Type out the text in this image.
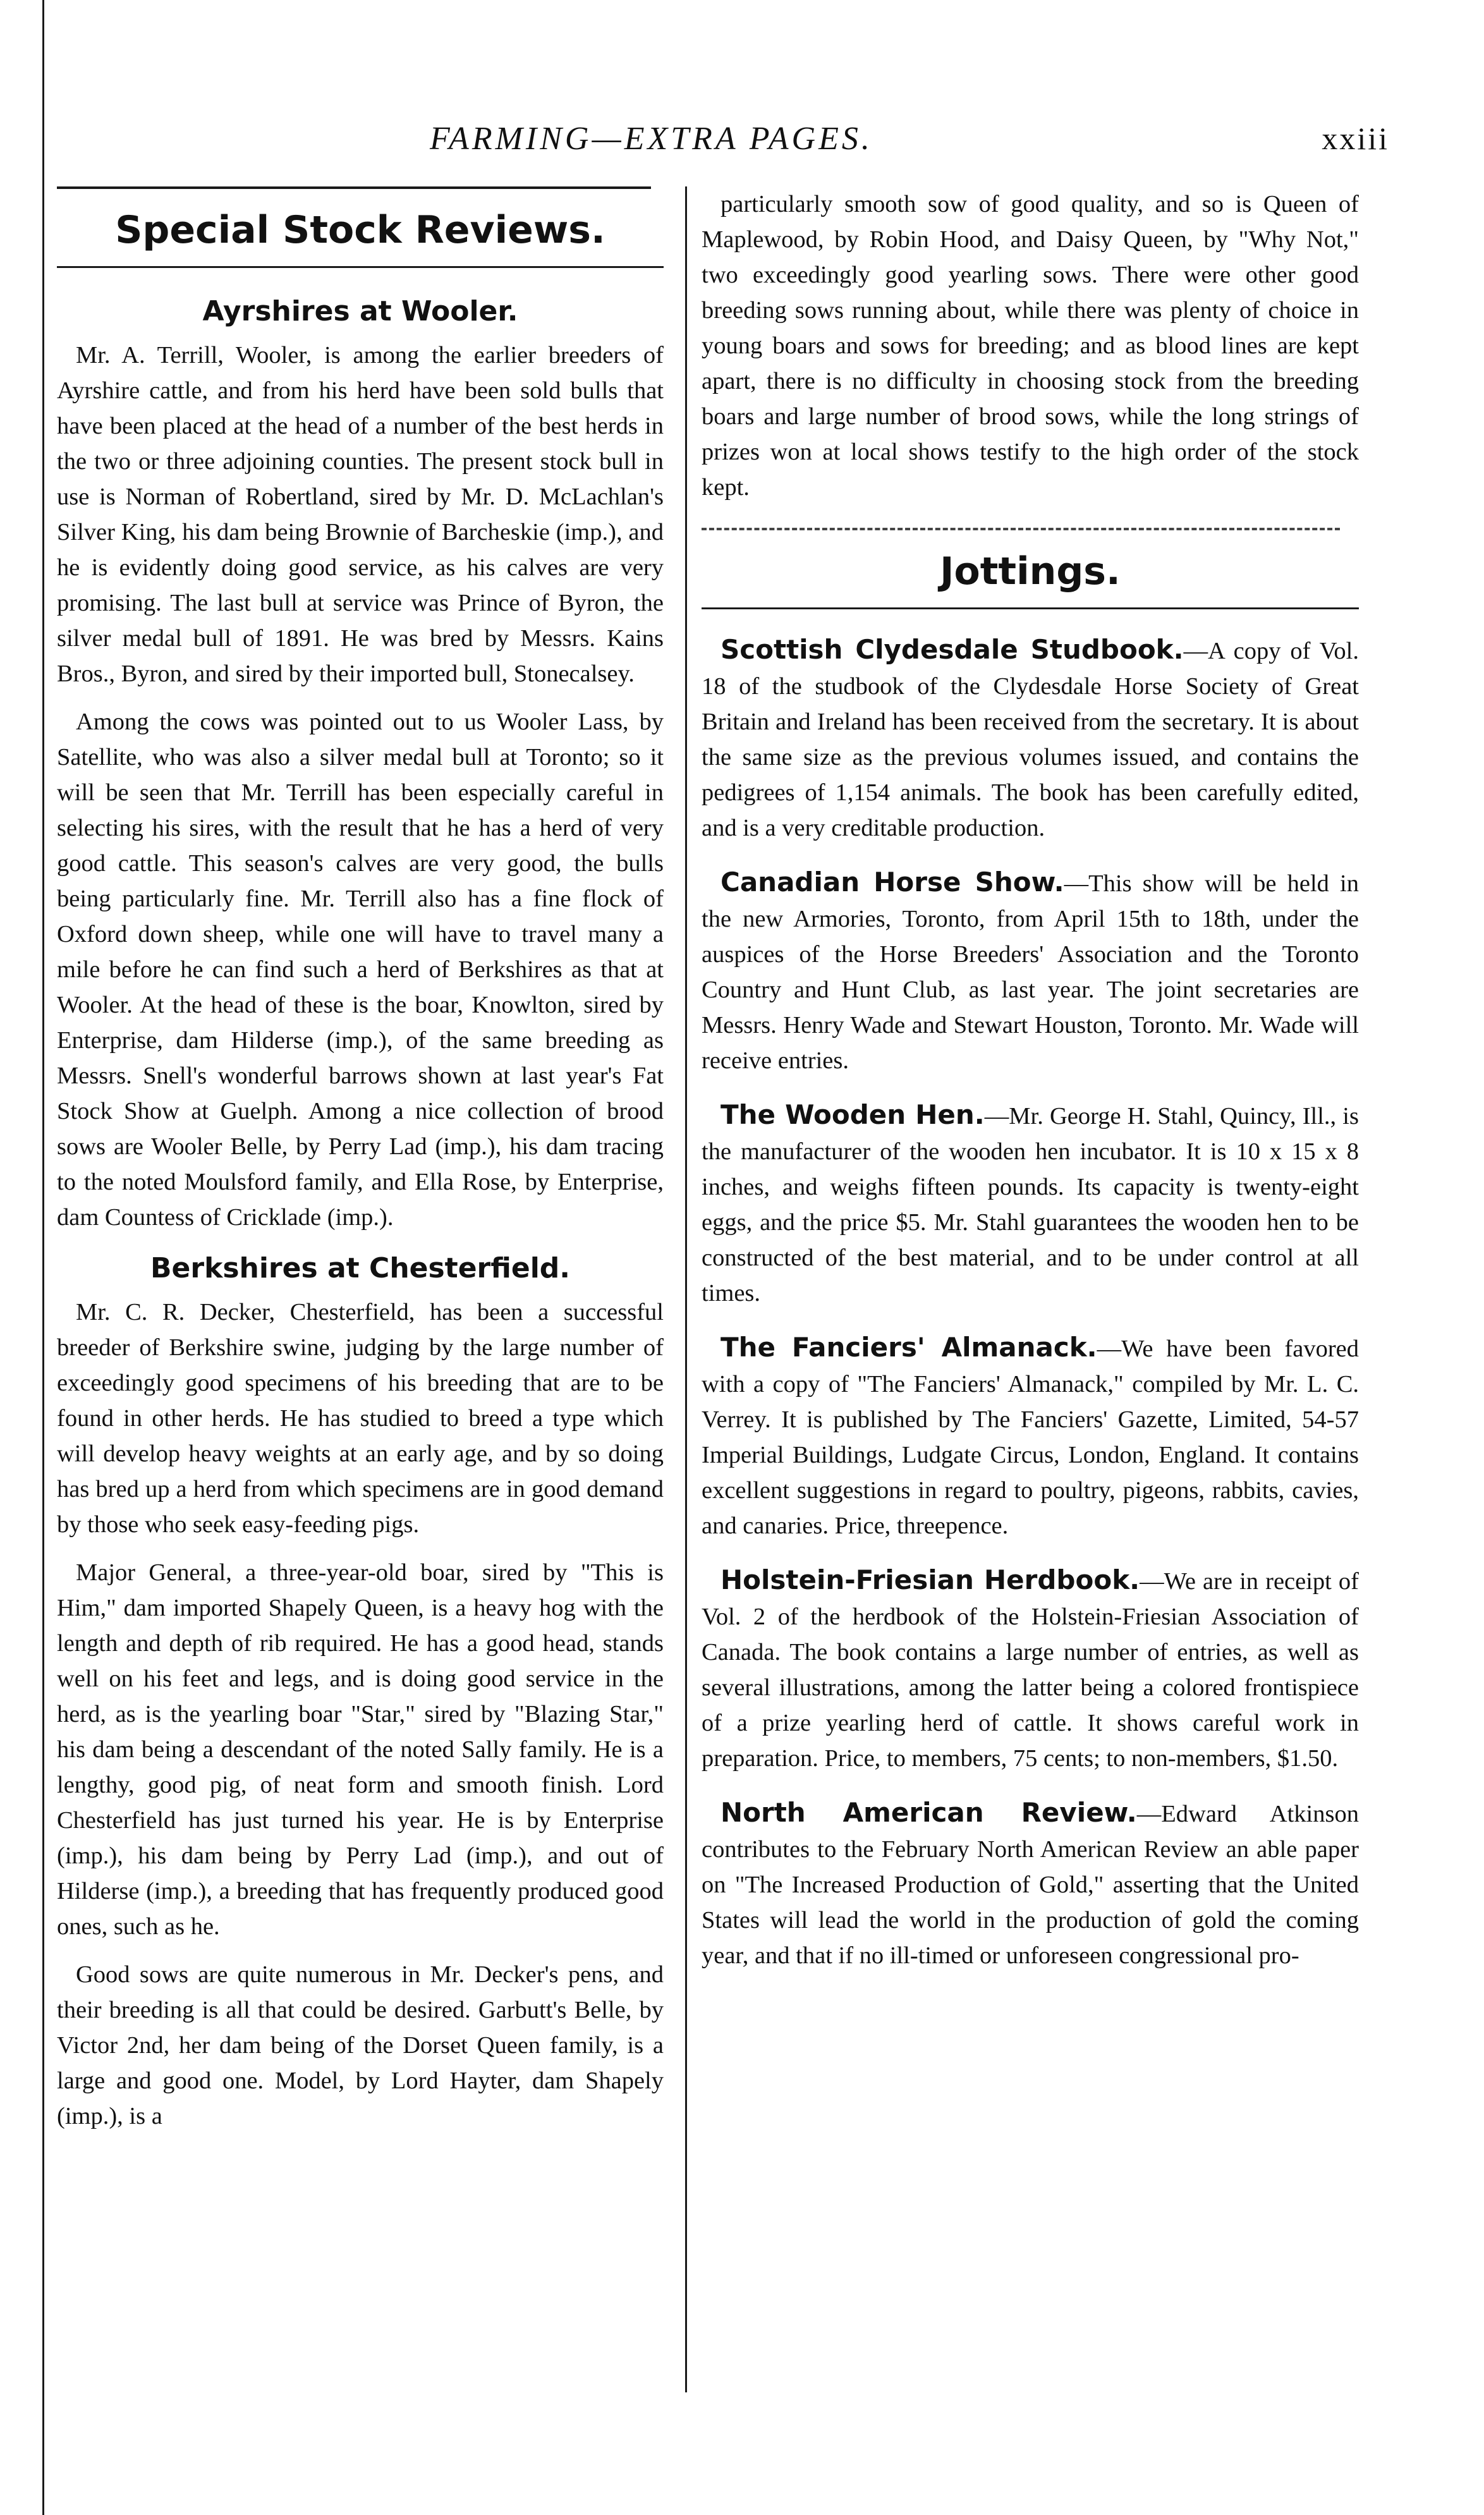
FARMING—EXTRA PAGES.	xxiii
Special Stock Reviews.
Ayrshires at Wooler.

Mr. A. Terrill, Wooler, is among the earlier breeders of Ayrshire cattle, and from his herd have been sold bulls that have been placed at the head of a number of the best herds in the two or three adjoining counties. The present stock bull in use is Norman of Robertland, sired by Mr. D. McLachlan's Silver King, his dam being Brownie of Barcheskie (imp.), and he is evidently doing good service, as his calves are very promising. The last bull at service was Prince of Byron, the silver medal bull of 1891. He was bred by Messrs. Kains Bros., Byron, and sired by their imported bull, Stonecalsey.

Among the cows was pointed out to us Wooler Lass, by Satellite, who was also a silver medal bull at Toronto; so it will be seen that Mr. Terrill has been especially careful in selecting his sires, with the result that he has a herd of very good cattle. This season's calves are very good, the bulls being particularly fine. Mr. Terrill also has a fine flock of Oxford down sheep, while one will have to travel many a mile before he can find such a herd of Berkshires as that at Wooler. At the head of these is the boar, Knowlton, sired by Enterprise, dam Hilderse (imp.), of the same breeding as Messrs. Snell's wonderful barrows shown at last year's Fat Stock Show at Guelph. Among a nice collection of brood sows are Wooler Belle, by Perry Lad (imp.), his dam tracing to the noted Moulsford family, and Ella Rose, by Enterprise, dam Countess of Cricklade (imp.).

Berkshires at Chesterfield.

Mr. C. R. Decker, Chesterfield, has been a successful breeder of Berkshire swine, judging by the large number of exceedingly good specimens of his breeding that are to be found in other herds. He has studied to breed a type which will develop heavy weights at an early age, and by so doing has bred up a herd from which specimens are in good demand by those who seek easy-feeding pigs.

Major General, a three-year-old boar, sired by "This is Him," dam imported Shapely Queen, is a heavy hog with the length and depth of rib required. He has a good head, stands well on his feet and legs, and is doing good service in the herd, as is the yearling boar "Star," sired by "Blazing Star," his dam being a descendant of the noted Sally family. He is a lengthy, good pig, of neat form and smooth finish. Lord Chesterfield has just turned his year. He is by Enterprise (imp.), his dam being by Perry Lad (imp.), and out of Hilderse (imp.), a breeding that has frequently produced good ones, such as he.

Good sows are quite numerous in Mr. Decker's pens, and their breeding is all that could be desired. Garbutt's Belle, by Victor 2nd, her dam being of the Dorset Queen family, is a large and good one. Model, by Lord Hayter, dam Shapely (imp.), is a

particularly smooth sow of good quality, and so is Queen of Maplewood, by Robin Hood, and Daisy Queen, by "Why Not," two exceedingly good yearling sows. There were other good breeding sows running about, while there was plenty of choice in young boars and sows for breeding; and as blood lines are kept apart, there is no difficulty in choosing stock from the breeding boars and large number of brood sows, while the long strings of prizes won at local shows testify to the high order of the stock kept.

Jottings.
Scottish Clydesdale Studbook.—A copy of Vol. 18 of the studbook of the Clydesdale Horse Society of Great Britain and Ireland has been received from the secretary. It is about the same size as the previous volumes issued, and contains the pedigrees of 1,154 animals. The book has been carefully edited, and is a very creditable production.
Canadian Horse Show.—This show will be held in the new Armories, Toronto, from April 15th to 18th, under the auspices of the Horse Breeders' Association and the Toronto Country and Hunt Club, as last year. The joint secretaries are Messrs. Henry Wade and Stewart Houston, Toronto. Mr. Wade will receive entries.
The Wooden Hen.—Mr. George H. Stahl, Quincy, Ill., is the manufacturer of the wooden hen incubator. It is 10 x 15 x 8 inches, and weighs fifteen pounds. Its capacity is twenty-eight eggs, and the price $5. Mr. Stahl guarantees the wooden hen to be constructed of the best material, and to be under control at all times.
The Fanciers' Almanack.—We have been favored with a copy of "The Fanciers' Almanack," compiled by Mr. L. C. Verrey. It is published by The Fanciers' Gazette, Limited, 54-57 Imperial Buildings, Ludgate Circus, London, England. It contains excellent suggestions in regard to poultry, pigeons, rabbits, cavies, and canaries. Price, threepence.
Holstein-Friesian Herdbook.—We are in receipt of Vol. 2 of the herdbook of the Holstein-Friesian Association of Canada. The book contains a large number of entries, as well as several illustrations, among the latter being a colored frontispiece of a prize yearling herd of cattle. It shows careful work in preparation. Price, to members, 75 cents; to non-members, $1.50.
North American Review.—Edward Atkinson contributes to the February North American Review an able paper on "The Increased Production of Gold," asserting that the United States will lead the world in the production of gold the coming year, and that if no ill-timed or unforeseen congressional pro-
